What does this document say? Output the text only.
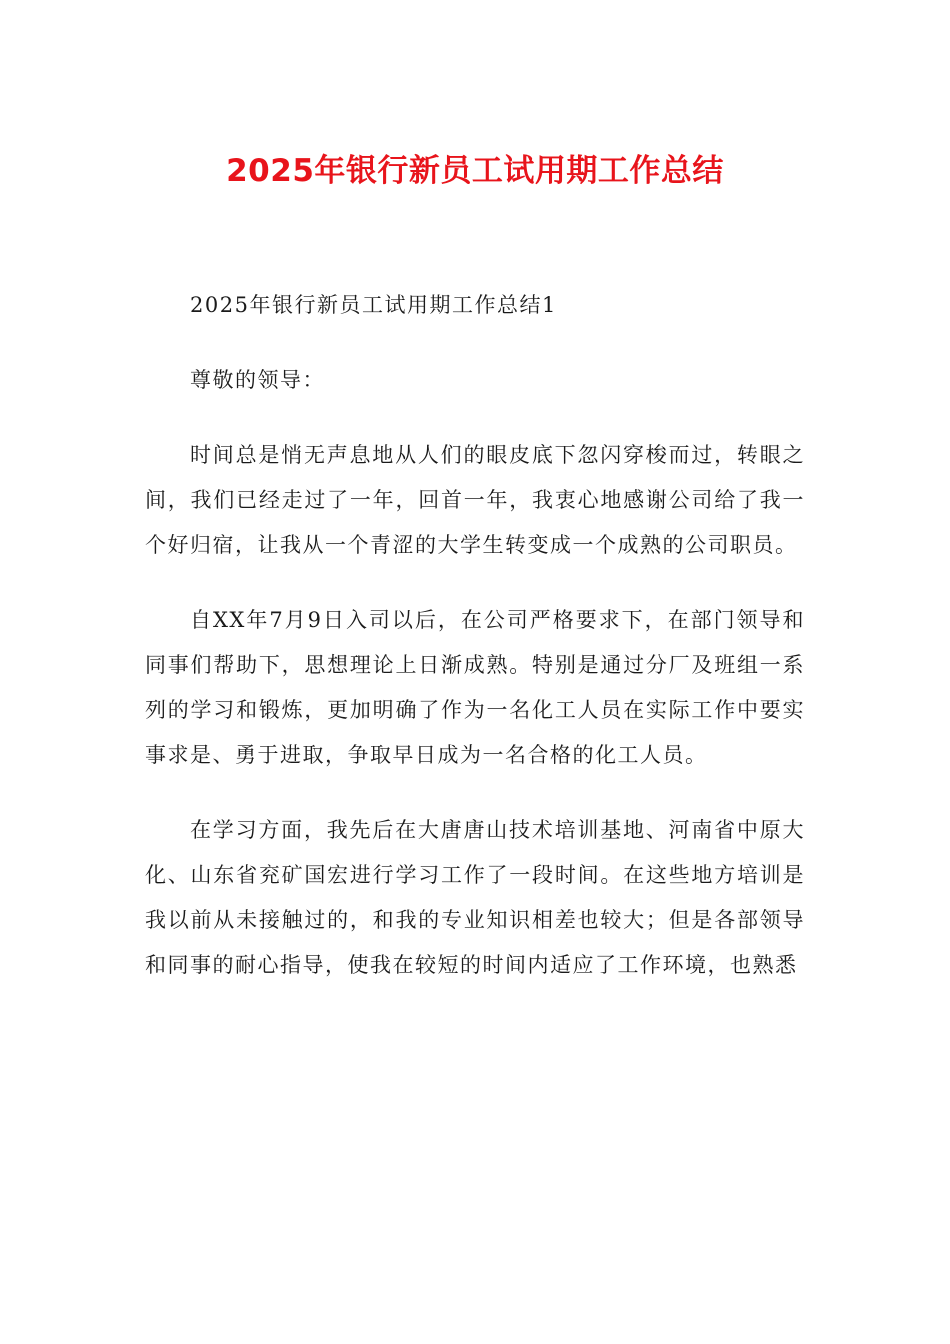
2025年银行新员工试用期工作总结

2025年银行新员工试用期工作总结1

尊敬的领导：

时间总是悄无声息地从人们的眼皮底下忽闪穿梭而过，转眼之间，我们已经走过了一年，回首一年，我衷心地感谢公司给了我一个好归宿，让我从一个青涩的大学生转变成一个成熟的公司职员。

自XX年7月9日入司以后，在公司严格要求下，在部门领导和同事们帮助下，思想理论上日渐成熟。特别是通过分厂及班组一系列的学习和锻炼，更加明确了作为一名化工人员在实际工作中要实事求是、勇于进取，争取早日成为一名合格的化工人员。

在学习方面，我先后在大唐唐山技术培训基地、河南省中原大化、山东省兖矿国宏进行学习工作了一段时间。在这些地方培训是我以前从未接触过的，和我的专业知识相差也较大；但是各部领导和同事的耐心指导，使我在较短的时间内适应了工作环境，也熟悉
